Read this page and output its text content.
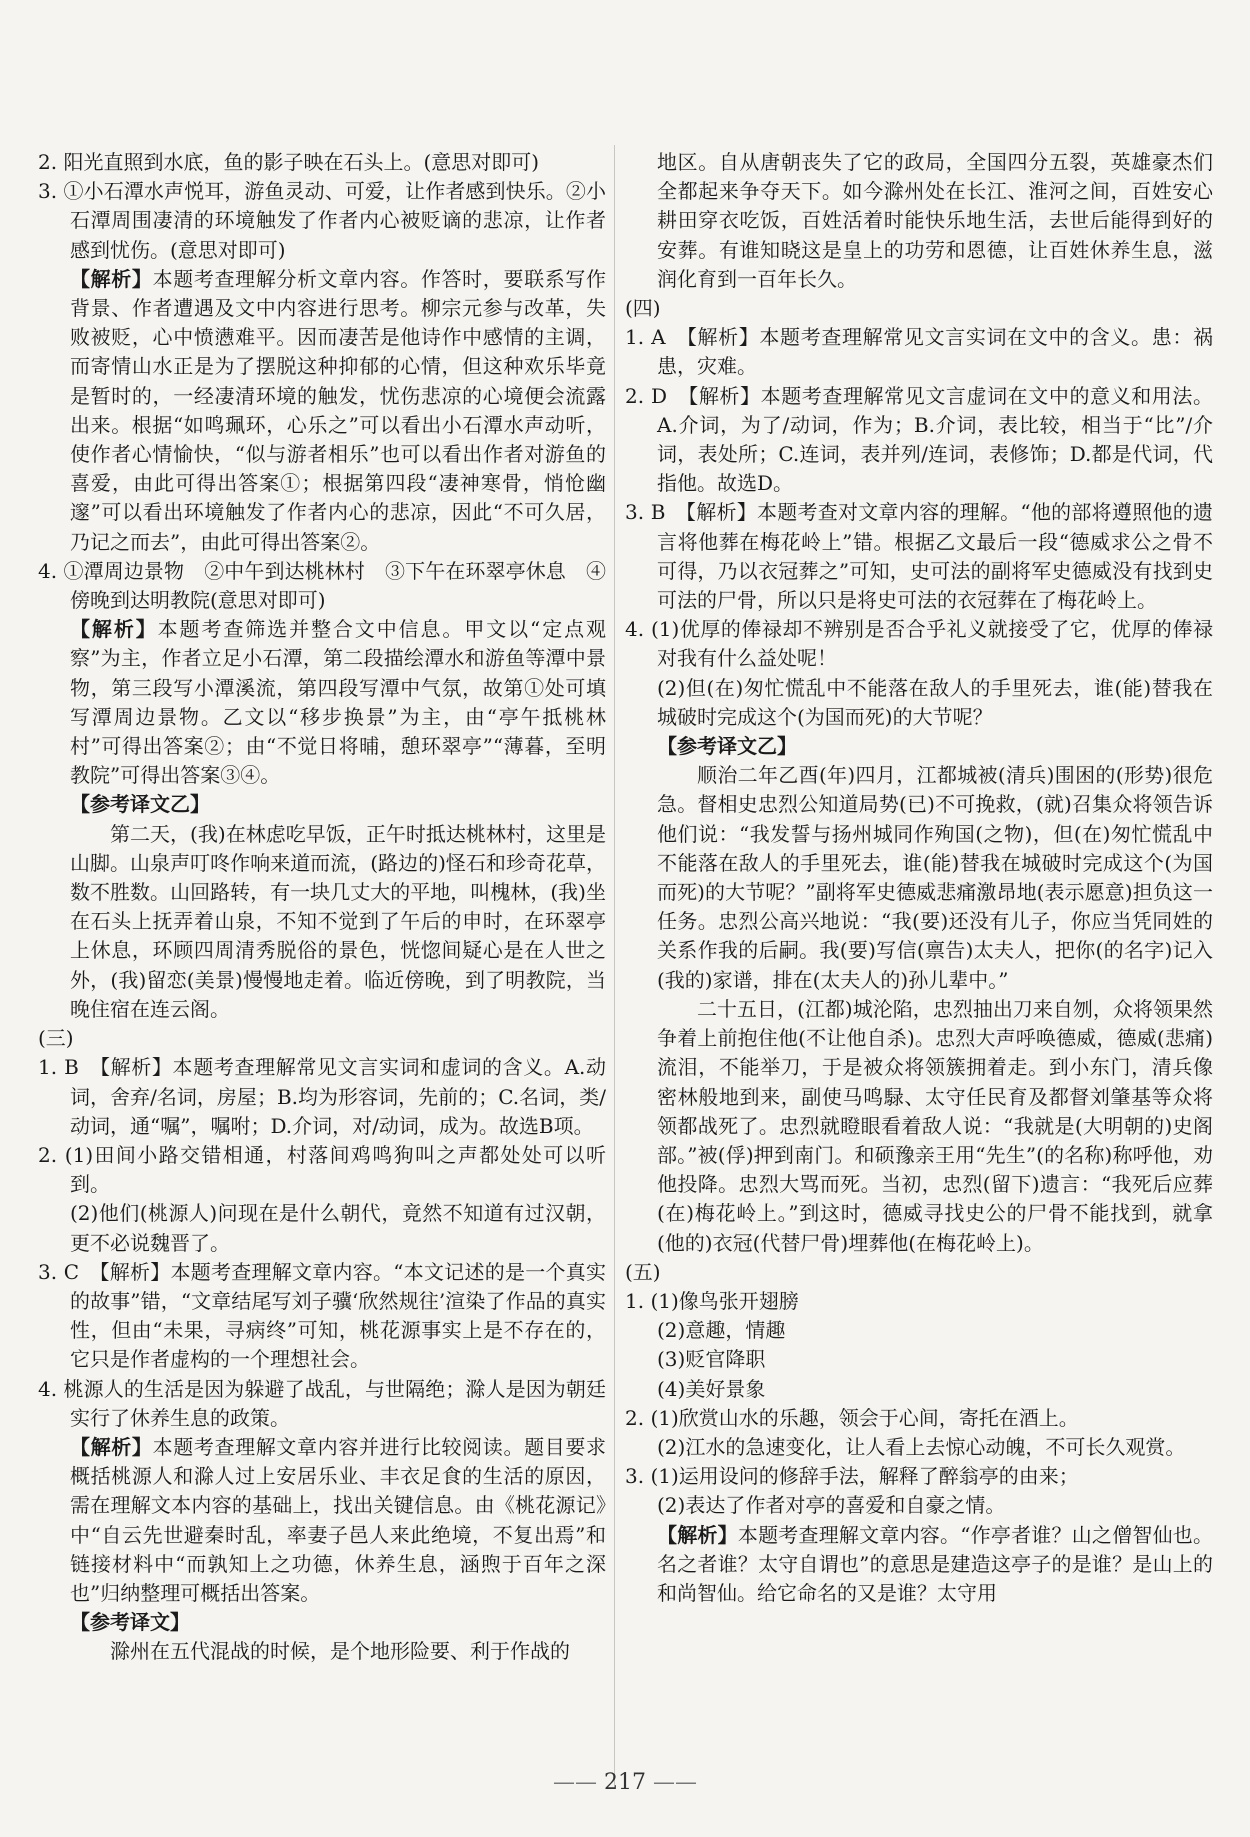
2. 阳光直照到水底，鱼的影子映在石头上。(意思对即可)

3. ①小石潭水声悦耳，游鱼灵动、可爱，让作者感到快乐。②小石潭周围凄清的环境触发了作者内心被贬谪的悲凉，让作者感到忧伤。(意思对即可)

【解析】本题考查理解分析文章内容。作答时，要联系写作背景、作者遭遇及文中内容进行思考。柳宗元参与改革，失败被贬，心中愤懑难平。因而凄苦是他诗作中感情的主调，而寄情山水正是为了摆脱这种抑郁的心情，但这种欢乐毕竟是暂时的，一经凄清环境的触发，忧伤悲凉的心境便会流露出来。根据“如鸣珮环，心乐之”可以看出小石潭水声动听，使作者心情愉快，“似与游者相乐”也可以看出作者对游鱼的喜爱，由此可得出答案①；根据第四段“凄神寒骨，悄怆幽邃”可以看出环境触发了作者内心的悲凉，因此“不可久居，乃记之而去”，由此可得出答案②。

4. ①潭周边景物　②中午到达桃林村　③下午在环翠亭休息　④傍晚到达明教院(意思对即可)

【解析】本题考查筛选并整合文中信息。甲文以“定点观察”为主，作者立足小石潭，第二段描绘潭水和游鱼等潭中景物，第三段写小潭溪流，第四段写潭中气氛，故第①处可填写潭周边景物。乙文以“移步换景”为主，由“亭午抵桃林村”可得出答案②；由“不觉日将晡，憩环翠亭”“薄暮，至明教院”可得出答案③④。

【参考译文乙】

第二天，(我)在林虑吃早饭，正午时抵达桃林村，这里是山脚。山泉声叮咚作响来道而流，(路边的)怪石和珍奇花草，数不胜数。山回路转，有一块几丈大的平地，叫槐林，(我)坐在石头上抚弄着山泉，不知不觉到了午后的申时，在环翠亭上休息，环顾四周清秀脱俗的景色，恍惚间疑心是在人世之外，(我)留恋(美景)慢慢地走着。临近傍晚，到了明教院，当晚住宿在连云阁。

(三)

1. B　【解析】本题考查理解常见文言实词和虚词的含义。A.动词，舍弃/名词，房屋；B.均为形容词，先前的；C.名词，类/动词，通“嘱”，嘱咐；D.介词，对/动词，成为。故选B项。

2. (1)田间小路交错相通，村落间鸡鸣狗叫之声都处处可以听到。

(2)他们(桃源人)问现在是什么朝代，竟然不知道有过汉朝，更不必说魏晋了。

3. C　【解析】本题考查理解文章内容。“本文记述的是一个真实的故事”错，“文章结尾写刘子骥‘欣然规往’渲染了作品的真实性，但由“未果，寻病终”可知，桃花源事实上是不存在的，它只是作者虚构的一个理想社会。

4. 桃源人的生活是因为躲避了战乱，与世隔绝；滁人是因为朝廷实行了休养生息的政策。

【解析】本题考查理解文章内容并进行比较阅读。题目要求概括桃源人和滁人过上安居乐业、丰衣足食的生活的原因，需在理解文本内容的基础上，找出关键信息。由《桃花源记》中“自云先世避秦时乱，率妻子邑人来此绝境，不复出焉”和链接材料中“而孰知上之功德，休养生息，涵煦于百年之深也”归纳整理可概括出答案。

【参考译文】

滁州在五代混战的时候，是个地形险要、利于作战的

地区。自从唐朝丧失了它的政局，全国四分五裂，英雄豪杰们全都起来争夺天下。如今滁州处在长江、淮河之间，百姓安心耕田穿衣吃饭，百姓活着时能快乐地生活，去世后能得到好的安葬。有谁知晓这是皇上的功劳和恩德，让百姓休养生息，滋润化育到一百年长久。

(四)

1. A　【解析】本题考查理解常见文言实词在文中的含义。患：祸患，灾难。

2. D　【解析】本题考查理解常见文言虚词在文中的意义和用法。A.介词，为了/动词，作为；B.介词，表比较，相当于“比”/介词，表处所；C.连词，表并列/连词，表修饰；D.都是代词，代指他。故选D。

3. B　【解析】本题考查对文章内容的理解。“他的部将遵照他的遗言将他葬在梅花岭上”错。根据乙文最后一段“德威求公之骨不可得，乃以衣冠葬之”可知，史可法的副将军史德威没有找到史可法的尸骨，所以只是将史可法的衣冠葬在了梅花岭上。

4. (1)优厚的俸禄却不辨别是否合乎礼义就接受了它，优厚的俸禄对我有什么益处呢！

(2)但(在)匆忙慌乱中不能落在敌人的手里死去，谁(能)替我在城破时完成这个(为国而死)的大节呢？

【参考译文乙】

顺治二年乙酉(年)四月，江都城被(清兵)围困的(形势)很危急。督相史忠烈公知道局势(已)不可挽救，(就)召集众将领告诉他们说：“我发誓与扬州城同作殉国(之物)，但(在)匆忙慌乱中不能落在敌人的手里死去，谁(能)替我在城破时完成这个(为国而死)的大节呢？”副将军史德威悲痛激昂地(表示愿意)担负这一任务。忠烈公高兴地说：“我(要)还没有儿子，你应当凭同姓的关系作我的后嗣。我(要)写信(禀告)太夫人，把你(的名字)记入(我的)家谱，排在(太夫人的)孙儿辈中。”

二十五日，(江都)城沦陷，忠烈抽出刀来自刎，众将领果然争着上前抱住他(不让他自杀)。忠烈大声呼唤德威，德威(悲痛)流泪，不能举刀，于是被众将领簇拥着走。到小东门，清兵像密林般地到来，副使马鸣騄、太守任民育及都督刘肇基等众将领都战死了。忠烈就瞪眼看着敌人说：“我就是(大明朝的)史阁部。”被(俘)押到南门。和硕豫亲王用“先生”(的名称)称呼他，劝他投降。忠烈大骂而死。当初，忠烈(留下)遗言：“我死后应葬(在)梅花岭上。”到这时，德威寻找史公的尸骨不能找到，就拿(他的)衣冠(代替尸骨)埋葬他(在梅花岭上)。

(五)

1. (1)像鸟张开翅膀

(2)意趣，情趣

(3)贬官降职

(4)美好景象

2. (1)欣赏山水的乐趣，领会于心间，寄托在酒上。

(2)江水的急速变化，让人看上去惊心动魄，不可长久观赏。

3. (1)运用设问的修辞手法，解释了醉翁亭的由来；

(2)表达了作者对亭的喜爱和自豪之情。

【解析】本题考查理解文章内容。“作亭者谁？山之僧智仙也。名之者谁？太守自谓也”的意思是建造这亭子的是谁？是山上的和尚智仙。给它命名的又是谁？太守用

—— 217 ——
